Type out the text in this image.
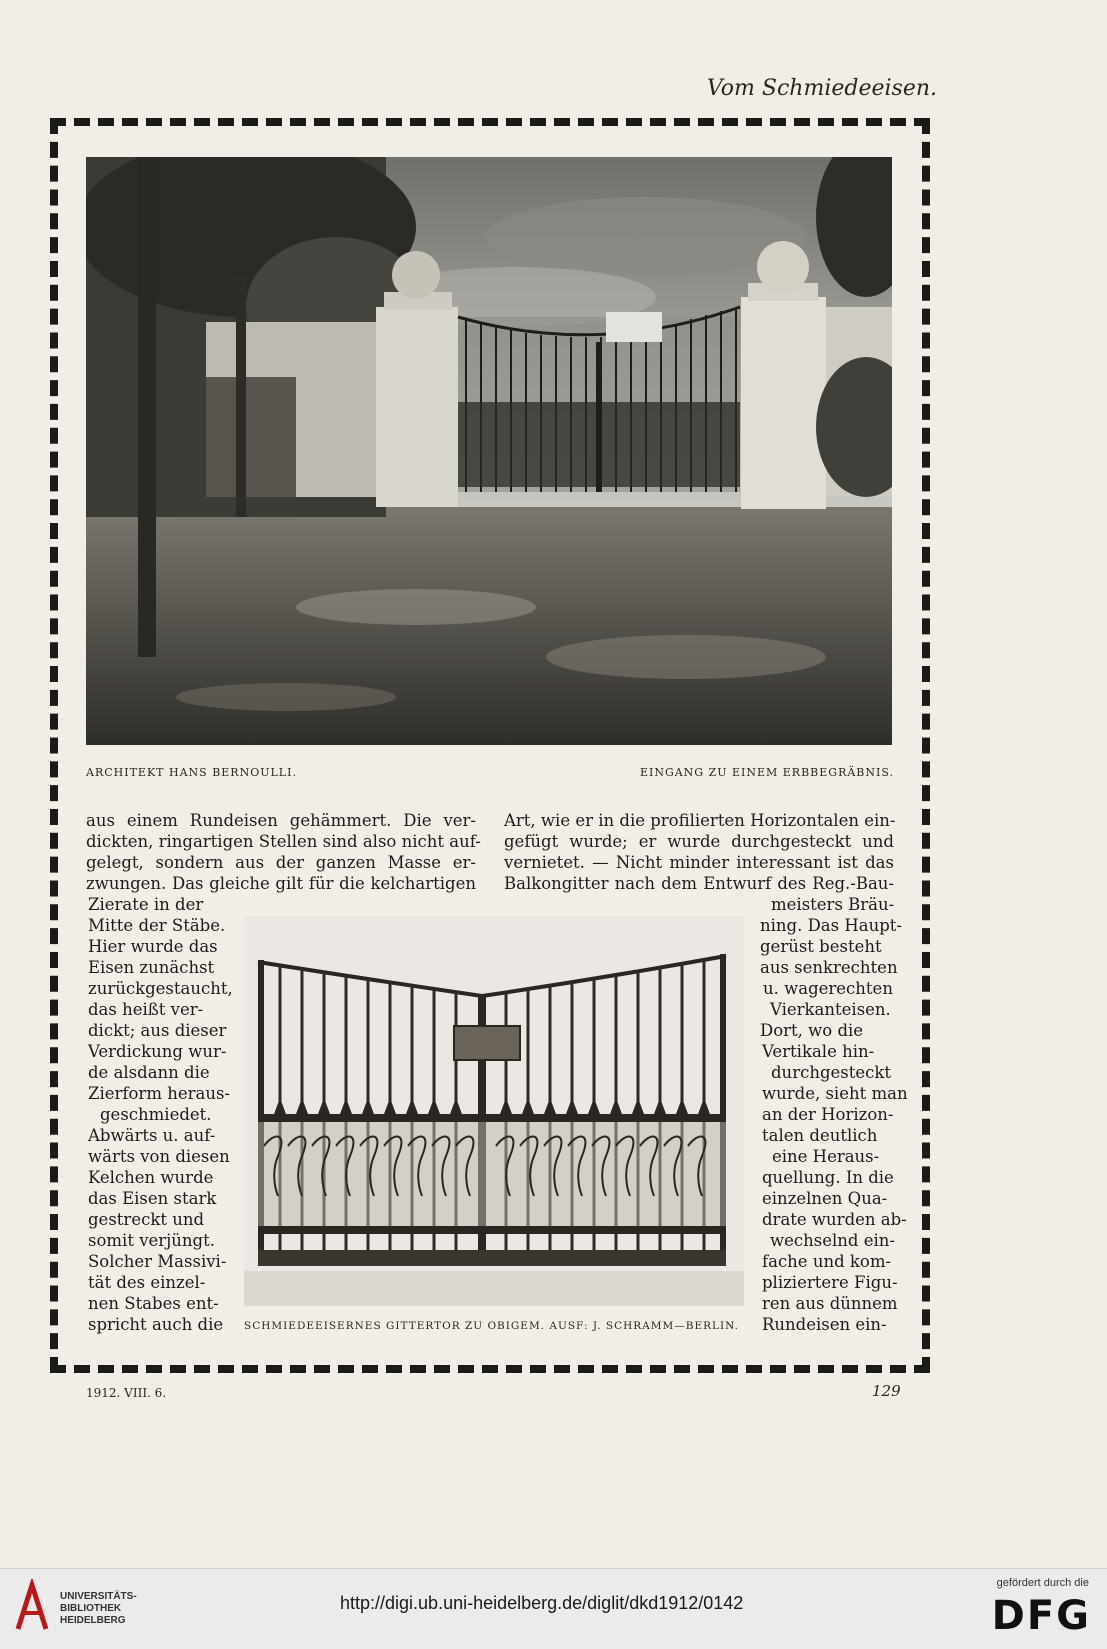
Vom Schmiedeeisen.
ARCHITEKT HANS BERNOULLI.	EINGANG ZU EINEM ERBBEGRÄBNIS.
aus einem Rundeisen gehämmert. Die ver-
dickten, ringartigen Stellen sind also nicht auf-
gelegt, sondern aus der ganzen Masse er-
zwungen. Das gleiche gilt für die kelchartigen
Art, wie er in die profilierten Horizontalen ein-
gefügt wurde; er wurde durchgesteckt und
vernietet. — Nicht minder interessant ist das
Balkongitter nach dem Entwurf des Reg.-Bau-
Zierate in der
Mitte der Stäbe.
Hier wurde das
Eisen zunächst
zurückgestaucht,
das heißt ver-
dickt; aus dieser
Verdickung wur-
de alsdann die
Zierform heraus-
geschmiedet.
Abwärts u. auf-
wärts von diesen
Kelchen wurde
das Eisen stark
gestreckt und
somit verjüngt.
Solcher Massivi-
tät des einzel-
nen Stabes ent-
spricht auch die
meisters Bräu-
ning. Das Haupt-
gerüst besteht
aus senkrechten
u. wagerechten
Vierkanteisen.
Dort, wo die
Vertikale hin-
durchgesteckt
wurde, sieht man
an der Horizon-
talen deutlich
eine Heraus-
quellung. In die
einzelnen Qua-
drate wurden ab-
wechselnd ein-
fache und kom-
pliziertere Figu-
ren aus dünnem
Rundeisen ein-
SCHMIEDEEISERNES GITTERTOR ZU OBIGEM. AUSF: J. SCHRAMM—BERLIN.
1912. VIII. 6.	129
UNIVERSITÄTS-
BIBLIOTHEK
HEIDELBERG
http://digi.ub.uni-heidelberg.de/diglit/dkd1912/0142
gefördert durch die
DFG
